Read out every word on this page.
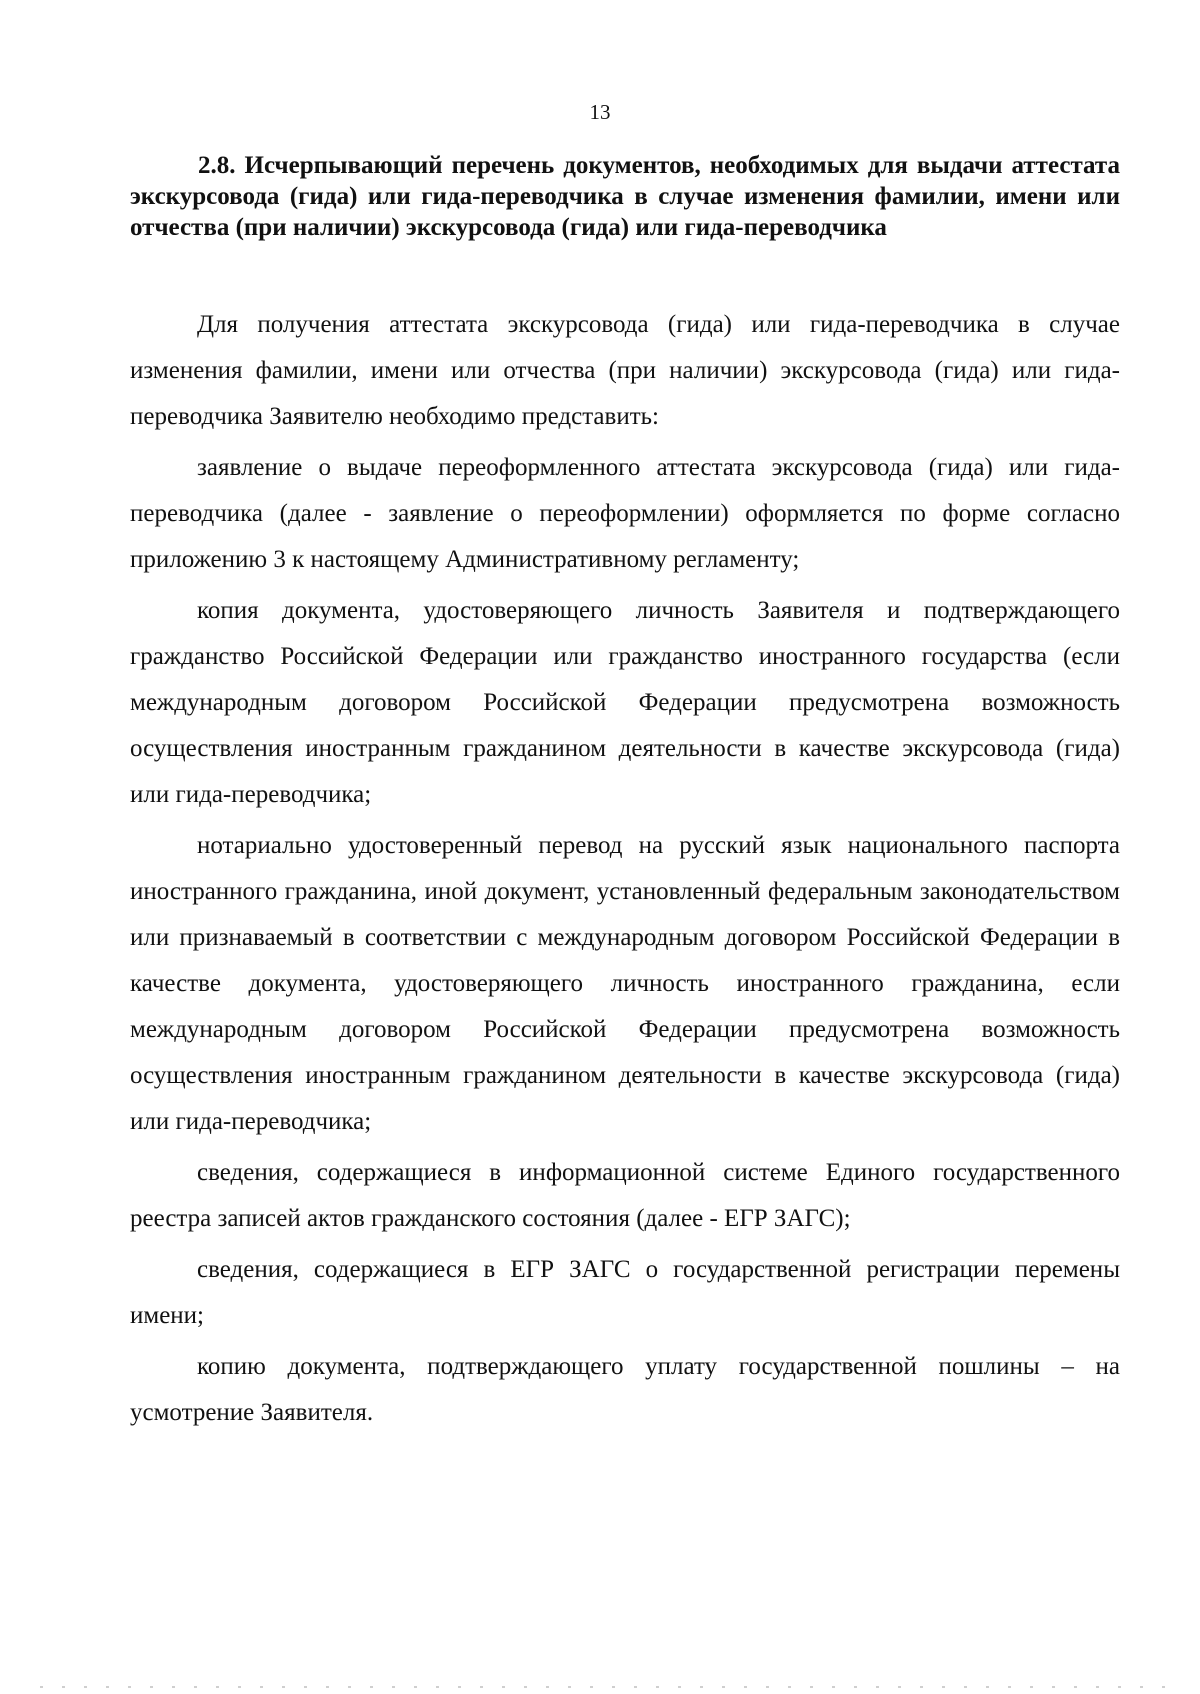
13

2.8. Исчерпывающий перечень документов, необходимых для выдачи аттестата экскурсовода (гида) или гида-переводчика в случае изменения фамилии, имени или отчества (при наличии) экскурсовода (гида) или гида-переводчика

Для получения аттестата экскурсовода (гида) или гида-переводчика в случае изменения фамилии, имени или отчества (при наличии) экскурсовода (гида) или гида-переводчика Заявителю необходимо представить:

заявление о выдаче переоформленного аттестата экскурсовода (гида) или гида-переводчика (далее - заявление о переоформлении) оформляется по форме согласно приложению 3 к настоящему Административному регламенту;

копия документа, удостоверяющего личность Заявителя и подтверждающего гражданство Российской Федерации или гражданство иностранного государства (если международным договором Российской Федерации предусмотрена возможность осуществления иностранным гражданином деятельности в качестве экскурсовода (гида) или гида-переводчика;

нотариально удостоверенный перевод на русский язык национального паспорта иностранного гражданина, иной документ, установленный федеральным законодательством или признаваемый в соответствии с международным договором Российской Федерации в качестве документа, удостоверяющего личность иностранного гражданина, если международным договором Российской Федерации предусмотрена возможность осуществления иностранным гражданином деятельности в качестве экскурсовода (гида) или гида-переводчика;

сведения, содержащиеся в информационной системе Единого государственного реестра записей актов гражданского состояния (далее - ЕГР ЗАГС);

сведения, содержащиеся в ЕГР ЗАГС о государственной регистрации перемены имени;

копию документа, подтверждающего уплату государственной пошлины – на усмотрение Заявителя.
